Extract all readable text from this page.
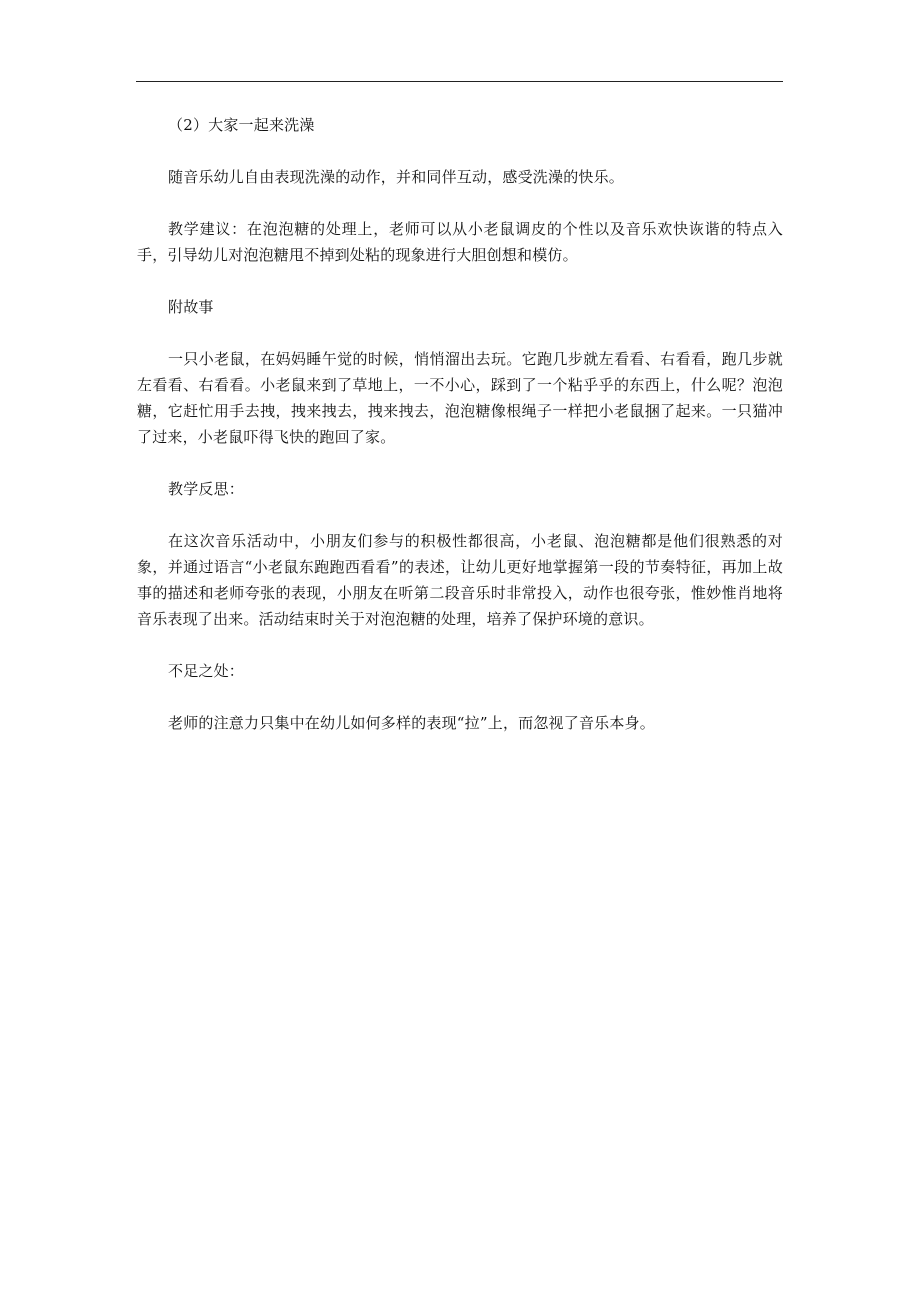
（2）大家一起来洗澡

随音乐幼儿自由表现洗澡的动作，并和同伴互动，感受洗澡的快乐。

教学建议：在泡泡糖的处理上，老师可以从小老鼠调皮的个性以及音乐欢快诙谐的特点入手，引导幼儿对泡泡糖甩不掉到处粘的现象进行大胆创想和模仿。

附故事

一只小老鼠，在妈妈睡午觉的时候，悄悄溜出去玩。它跑几步就左看看、右看看，跑几步就左看看、右看看。小老鼠来到了草地上，一不小心，踩到了一个粘乎乎的东西上，什么呢？泡泡糖，它赶忙用手去拽，拽来拽去，拽来拽去，泡泡糖像根绳子一样把小老鼠捆了起来。一只猫冲了过来，小老鼠吓得飞快的跑回了家。

教学反思：

在这次音乐活动中，小朋友们参与的积极性都很高，小老鼠、泡泡糖都是他们很熟悉的对象，并通过语言“小老鼠东跑跑西看看”的表述，让幼儿更好地掌握第一段的节奏特征，再加上故事的描述和老师夸张的表现，小朋友在听第二段音乐时非常投入，动作也很夸张，惟妙惟肖地将音乐表现了出来。活动结束时关于对泡泡糖的处理，培养了保护环境的意识。

不足之处：

老师的注意力只集中在幼儿如何多样的表现“拉”上，而忽视了音乐本身。
